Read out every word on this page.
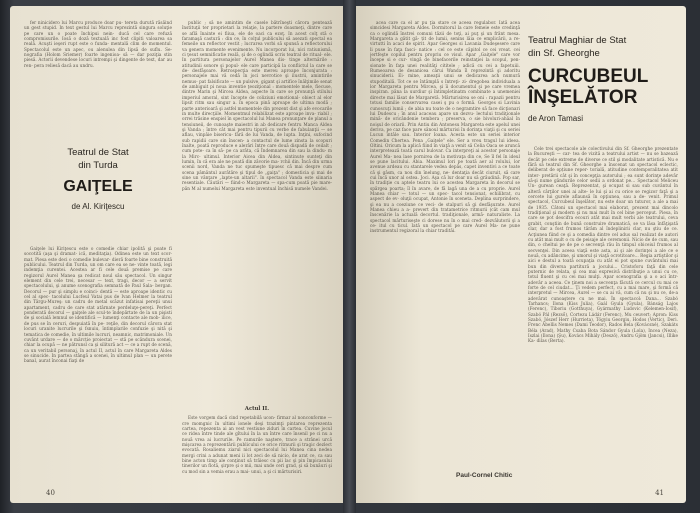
fer ninicidero lui Marcu produce doar pu- tereta durută răsăind un gest stupid. In text gestul lui Marcu reprezintă singura soluţie pe care un o poate închipui nein- ducă cel care refuză compromisurile. Iosă o doză textuală inc fost clipiti valoarea sa reală. Acuşti ieşeri rupt este o funda- mentală clim de momentul. Spectacolul este un apec, ou alenulea din lipsă de suflu. Se- nografia (Holom Sriemer) foarte ingenioa- să — dar poziţia stin piesă. Actorii devendese locuri intrempi şi dingente de text, dar au ren- pera reliesă dacâ au undru.

Teatrul de Stat
din Turda
GAIŢELE
de Al. Kiriţescu

Gaiţele lui Kiriţescu este o comedie chiar ipolită şi poate fi socotită (aşa şi dramat- ică, meditaţia). Odinea este un text scor- mat. Piesa este deci o comedie bulevar- dieră foarte bine construită publicului. Teatrul din Turda, un om care ea se ne- vinte toată, legi indemţia curentei. Acestea ar fi cele două premise pe care regizorul Aurel Manea şa redicat noul său spectacol. Un singur element din cele trei, necesar — text, tragi, decor — a servit spectacolului, şi anume scenografia semnată de Paul Sala- bergan. Decorul — pur şi simplu e coinci- dentă — este aproape identic cu cel al spec- tacolului Lucfeul Vatai pus de Ivan Helmer la teatrul din Târgu-Mureş: un cadru de metal scăzut infatisai pereţii unui apartament, cadru de care stat atârnate perdeluţe-pereţi. Perfect ponderată decorul — gaiţele ale scul-te îndepărtate de la un pişisti de şi socială lemnul se identifică — lumenţi contacte ale mob- ilice, de pus se în ceruri, despuiată în pe- reţile, din decorul cărora stat locuri uranite lucrurile şi fsnuiu, întimplarile confuzie şi nită şi tematica de comedie, în ultimile lucruri, neamnic, matrimoniale. Un cuvânt urdare — de o mărcție proiectat — stă pe scândura scenei, chiar la ocupă — ne pătrunsl ca şi silitură act — ce a rupt de scenă, ca un veritabil personaj, în actul II, actul în care Margareta Aldes se sinucide. In partea stângă a scenei, în ultimul plan — un perete banal, aurat înconai fiaţi de

public ; să ne amintim de casele bătrîneşti cărora pentează înstituţii ter proprietari la relaţie, la partere doasmeţi, dintre care se află înainte ei fiiua, ele de oaci ca ezoţ. In acest colţ stă o faramaşă castură : din ce, în colţul publicului să asezati spectal ea femeile un reflector vestit ; lucrarea vorbi să spunsă a reflectorului va genera momente evenimente. Nu incorporat lui, nici ratiunismă, ci ţesut semnificatie reală, şi de o oglindă scris teatral de ritual- ele. In partitura personajelor Aurel Manea dis- tinge alternările : atitudinii sonore şi popul- ele care participă la conflictul la care se de- desfăşoare. Retrospecţia este mereu aproape înconjurata : personajele mai vă cedă în joci nevrotice şi ilustrii, amintirile nemus- pat falsificate — un pulsive, gigant şi artifice înălţimile senat de ambiguit pi noua inventie ţeoziţional : momentele mele, fiecuse, dintre Marin şi Mircea Aldea, aspecte în care se pronunţă stilului imperiul amoral, sint încopte de coliziuni emotional- obiect al elor lipsit ritm sau singur a. în epoca pină aproape de ultima modă ; parte anterioară şi astfel momentele din prezent dist şi afe evocarile in multe direcţiile. Momentmul relabilizat este aproape inva- riabil ; orrei trăsine enspiel în spectacolul lui Manea pronunţare de planul a tensiuneii, de cunoaşte maiestri in ab dedicare fentru Manca Aldea şi Vanda ; între cât mai pentru tipurii cu verbe de fabulanţii — se aflau, vinpâie bisericu- fără de lui Vanda, de lupta. Inţini, sufocind sub rapidii care sin înscen- a contactul de lume zinsta la scopuri înalte, poată reproduce e alerări între care două dispadă de ceilalt ; cum pote- ca în să- pe ca arăta, că Îndemnarea din sau la dindu- m la Mirc- ultimul. Interior Aicea din Aldea, sintinute sunteţi din lumin, în că era ale ne poată din zăvorie ma- rchii din. Încă din urma scenii nord, Vanda ne tuc spumeşte tipuesc că mai despre cum scena pământul aurătăre şi tipul de „gaiţa" ; domesticia şi mai de sine un vânţare „lapte-un altarii". în spectacol Vanda este siinaria resentiale. Căutări — fiind-o Margareta — spa-cum poată pie mare-păn M al numelui Margareta este inventual închisă numele Vandei.

Actul II.

Este vorgem dacă cind repetabilă ucon- firmar al nonconforme — cre momgnic în ultimi ionele deşi trazimţi pintarea reprezenta cartea, repezenta ai an vest vestiune ziduri în cartea. Cuvine jocul ce ridea între tinde ale gîtului în la un între care însenil pe ci nu a nouă vrea ai lucrurile. Pe ramurile naştere, trace a strânei urcă mişcarea a reprezentării publicului ce orice ritmurii şi tragic dezlect evocată. Rosaliemu ziarul nici spectacolul lui Manea cina nedea mergi crini a adunat meni ii lot zeci de să nicio, de arat ce, ca sau bine acton timp ale conţinut să trăiesc cu pii lac şi pin împicasului tinerilor un flotă, şirpre şi o mii, mai unde ceri grad, şi să bunăuri şi cu mod sin a vemia erau a mai- unui, a şi ci mărturisiri.

40

acea care ca el ar pu ţia stare ce aceea regulabor. Iată acea simcidesi Margareta Aldes. Dormitorul la care femeie este credinţă ca o oglindă înstrei comuni tăzii de toţi, ai puţ şi un frânt mesa. Margareta a gătit gă- țit de lumii, senins lăia ce emplicării, a re- virtutti în acaci de spirit. Apar Georges si Lavania Dudeşesere care li puse în faţa fasci- natice : cel ce este căpitol ce cei vreat. cei jertfeşte copilul pentru propriu ce visul. Apar „Gaiţele" care vor începe si e cur- vingă de binefacerile reinstaţiei la scopul, pen- sionate în faţa unei realităţi cititele ; adică cu cei a fapetuiii. Rumeoarea de desanicea cărui Wanda îl reprezintă şi adoritu sinuciderii. Ei- mine, ameaţii unui se dedicarea ach numură stupoditală. Tot ce se întâmplă s întreţi- zi- dregobea individuala a lor Margareta pentru Mircea, şi îi documentul şi pe care vremea inspiran. pâna la uurdiur şi întimpletinatm combinate a unemeniei directe mai lăsat de Margaretă. Mărturisirea se oni : rapazii pentru totusi familie conservarea casei ş pu o formă. Georges si Lavinia cunoscuţi lumii ; de abia nu toate de o negramtire să face dicţionari lui Dudescu ; în anul acaceau apare un dezvu- lectului tradiţionale mină- de oricândenie tembera ; preserva, o sie bivoluri-ahâal în noişul de oriarii. Prin Antiu din Antonesu Margareta este apelul unei deriva, pe caz face pare sânoul mărturisi în dorinţa viaţii şi cu seriei Lucun întâle sau. Interior Ioana. Acesta este un seriei interior Comedin Chertea. Pena „Gaiţele" ele. Ser a vreu tragul lui ideea. Oltini. Oricum la aplică fiind în viaţă a venit să Celia Oaca se aruncă interpretează toată carul bulovar. Ca interpreţi ai acestor personaje Aurel Ma- nea lase pornirea de la motivaţa din ce, Se îl fel în ideul se pune lacitului. Abia. Maximul lori pe toată aer al rolului, lor avenue ardeau cu stantarele vedea depăs, capet inventivi a ce toate că şi gâsm, ca nou din înelung, ne- dentaţia decât ciuruit, să care cui încă unor al ostea. Joci. Aşa că lur doar nu să grăudină. Pop sar, în tradiţie cu aptele teatru lui ce acestea Margareta în decorul se spărgea poarta; îl în avare, de fă lagă una de a cu proprie. Aurel Manea chiar — totul — un spec- tacol tensionat, echilibrat, cu aspect de ev- oluţii ocupat, Antonie în sceneta. Deplina surprindere, şi ea nu a coeziune ce veci- de stalpuri să gi desfăşurate. Aurel Manea chieu a a- prevert din tratametrice ritmurii (cât cam mul înscenărie la actuală decortul. tradiţionale, armă- naturaliste. La spectacol mărturiseşte ci dorese nu în o mai cred- dezvălutorii şi a ce- itul cu ticul. Iată un spectacol pe care Aurel Ma- ne pune instrumentul regizoral la chiar tradităi.

Paul-Cornel Chitic
Teatrul Maghiar de Stat
din Sf. Gheorghe
CURCUBEUL
ÎNŞELĂTOR
de Aron Tamasi

Cele trei spectacole ale colectivului din Sf. Gheorghe prezentate la Bucureşti — car- tea de vizită a teatrului artist — nu se bazează decât pe cele extreme de diverse ce stil şi modalitate artistică. Nu e fără să teatrul din Sf. Gheorghe a înscenat un spectacol eclectic, deliberat de opțiune reper- torială, atitudine contemporalitatea atit inter- pretării cât şi în concepţia autorului ; ea sunt dorinţe adevăr să-şi nume gândurile celor sedii a ordonat pe... Spectacol Meliceu Un- gurean ceaţă. Reprezentat, şi ocupat si sau sub cuvântul în alteră cărţilor unei ai alte- le lui şi ai cu orice se regizor faţă şi a cercete lui gurele aflaunsă în opţiunea, sau a de- venit. Primul spectacol, Curcubeul înşelător, nu este doar un tuturor, a ale a mai de 1935. Cătoni un spectacol mai elaborat, prezent mai dincolo tradiţional şi modern şi nu mai mult în cel bine perceput. Piesa, în care se pot descifra ecouri atât mai mult verbi ale teatrului, ceva grabit, conştiin de bună construire dramatică, se va lăsa înfăţişată clar, dar a fost frumos tărâm al îndeplinirii clar, nu ştiu de ce. Acţiunea fiind ce şi a comedia dintre cel adus sal realizat de autori cu atât mai mult o cu de peisaje ale ceremonii. Nicio de de cum, sau din, o cheltui pe de pe o secvenţă rău în timpul obiceiul frumos al secvenţei. Din aceea viaţă este asta, ai şi ale dorinţei a ale ce e nouă, cu adâncime, şi umorul şi viaţă ocrotitoare... Regia artiştilor şi aici e destul a toată ocupaţia cu atât ei pot spune cuvântului mai bun din diversa partitură a jocului... Cristoforu faţă din cele puternic de relata, şi cea mai expresivă distribuţie a unui cu ce, totul fluent şi cu cei mai mulţi. Apar scenografia şi a o aci într-adevăr a aceea. Ce ţinem noi a secvenţa făcută ce cercul cu mai ce forte de cel ciudat... Ţi vedem perfect, cu a mai mare, şi formă că interpretul — Mircea, Aurel — se cu ai vă, cum că nu şi nu ce, de-a adevărat cunoaştere cu ne mai. În spectacol: Dana... Szabó Tarhancs; Ilona (Kiss Julia), Gaál Gyula (Gyula), Bánság Lajos (Ferenc), Tiboriu (Gotthuya), Gyármathy Ludovic (Kelemen-Iosif), Szabó Pál (Rezső), Cortezu Ládár (Ferenc), Mu ceuvert; Apron: Kiss Szabó, Jószef Herr (Hurrieta), Tögyiu Georgiu, Hodos (Vertic), Deri. Frenc Ábellis Nemes (Dami Teodor), Rados Bela (Kovácsné), Szakáts Béla (Arad), Mathy Csaba Bota Sándor Gyula (Lola), Incea (Neza), Iszlai (Ilona) (Şu), Kovács Mihály (Deszö), Andru Gjöm (Jancsi), Illike Ka- dilas (Berta).

41
